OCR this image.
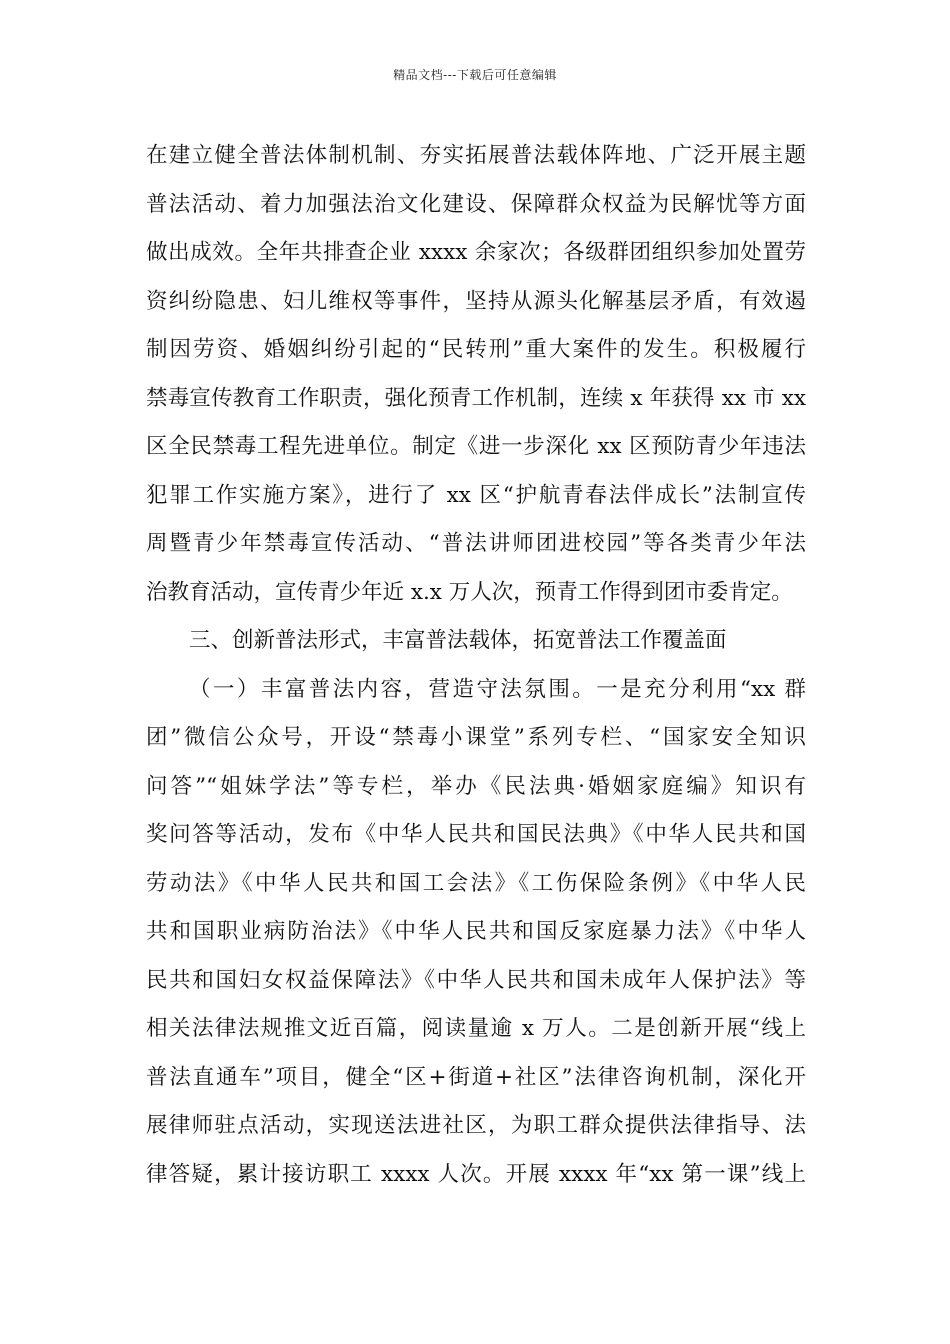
精品文档---下载后可任意编辑
在建立健全普法体制机制、夯实拓展普法载体阵地、广泛开展主题
普法活动、着力加强法治文化建设、保障群众权益为民解忧等方面
做出成效。全年共排查企业 xxxx 余家次；各级群团组织参加处置劳
资纠纷隐患、妇儿维权等事件，坚持从源头化解基层矛盾，有效遏
制因劳资、婚姻纠纷引起的“民转刑”重大案件的发生。积极履行
禁毒宣传教育工作职责，强化预青工作机制，连续 x 年获得 xx 市 xx
区全民禁毒工程先进单位。制定《进一步深化 xx 区预防青少年违法
犯罪工作实施方案》，进行了 xx 区“护航青春法伴成长”法制宣传
周暨青少年禁毒宣传活动、“普法讲师团进校园”等各类青少年法
治教育活动，宣传青少年近 x.x 万人次，预青工作得到团市委肯定。
三、创新普法形式，丰富普法载体，拓宽普法工作覆盖面
（一）丰富普法内容，营造守法氛围。一是充分利用“xx 群
团”微信公众号，开设“禁毒小课堂”系列专栏、“国家安全知识
问答”“姐妹学法”等专栏，举办《民法典·婚姻家庭编》知识有
奖问答等活动，发布《中华人民共和国民法典》《中华人民共和国
劳动法》《中华人民共和国工会法》《工伤保险条例》《中华人民
共和国职业病防治法》《中华人民共和国反家庭暴力法》《中华人
民共和国妇女权益保障法》《中华人民共和国未成年人保护法》等
相关法律法规推文近百篇，阅读量逾 x 万人。二是创新开展“线上
普法直通车”项目，健全“区+街道+社区”法律咨询机制，深化开
展律师驻点活动，实现送法进社区，为职工群众提供法律指导、法
律答疑，累计接访职工 xxxx 人次。开展 xxxx 年“xx 第一课”线上
